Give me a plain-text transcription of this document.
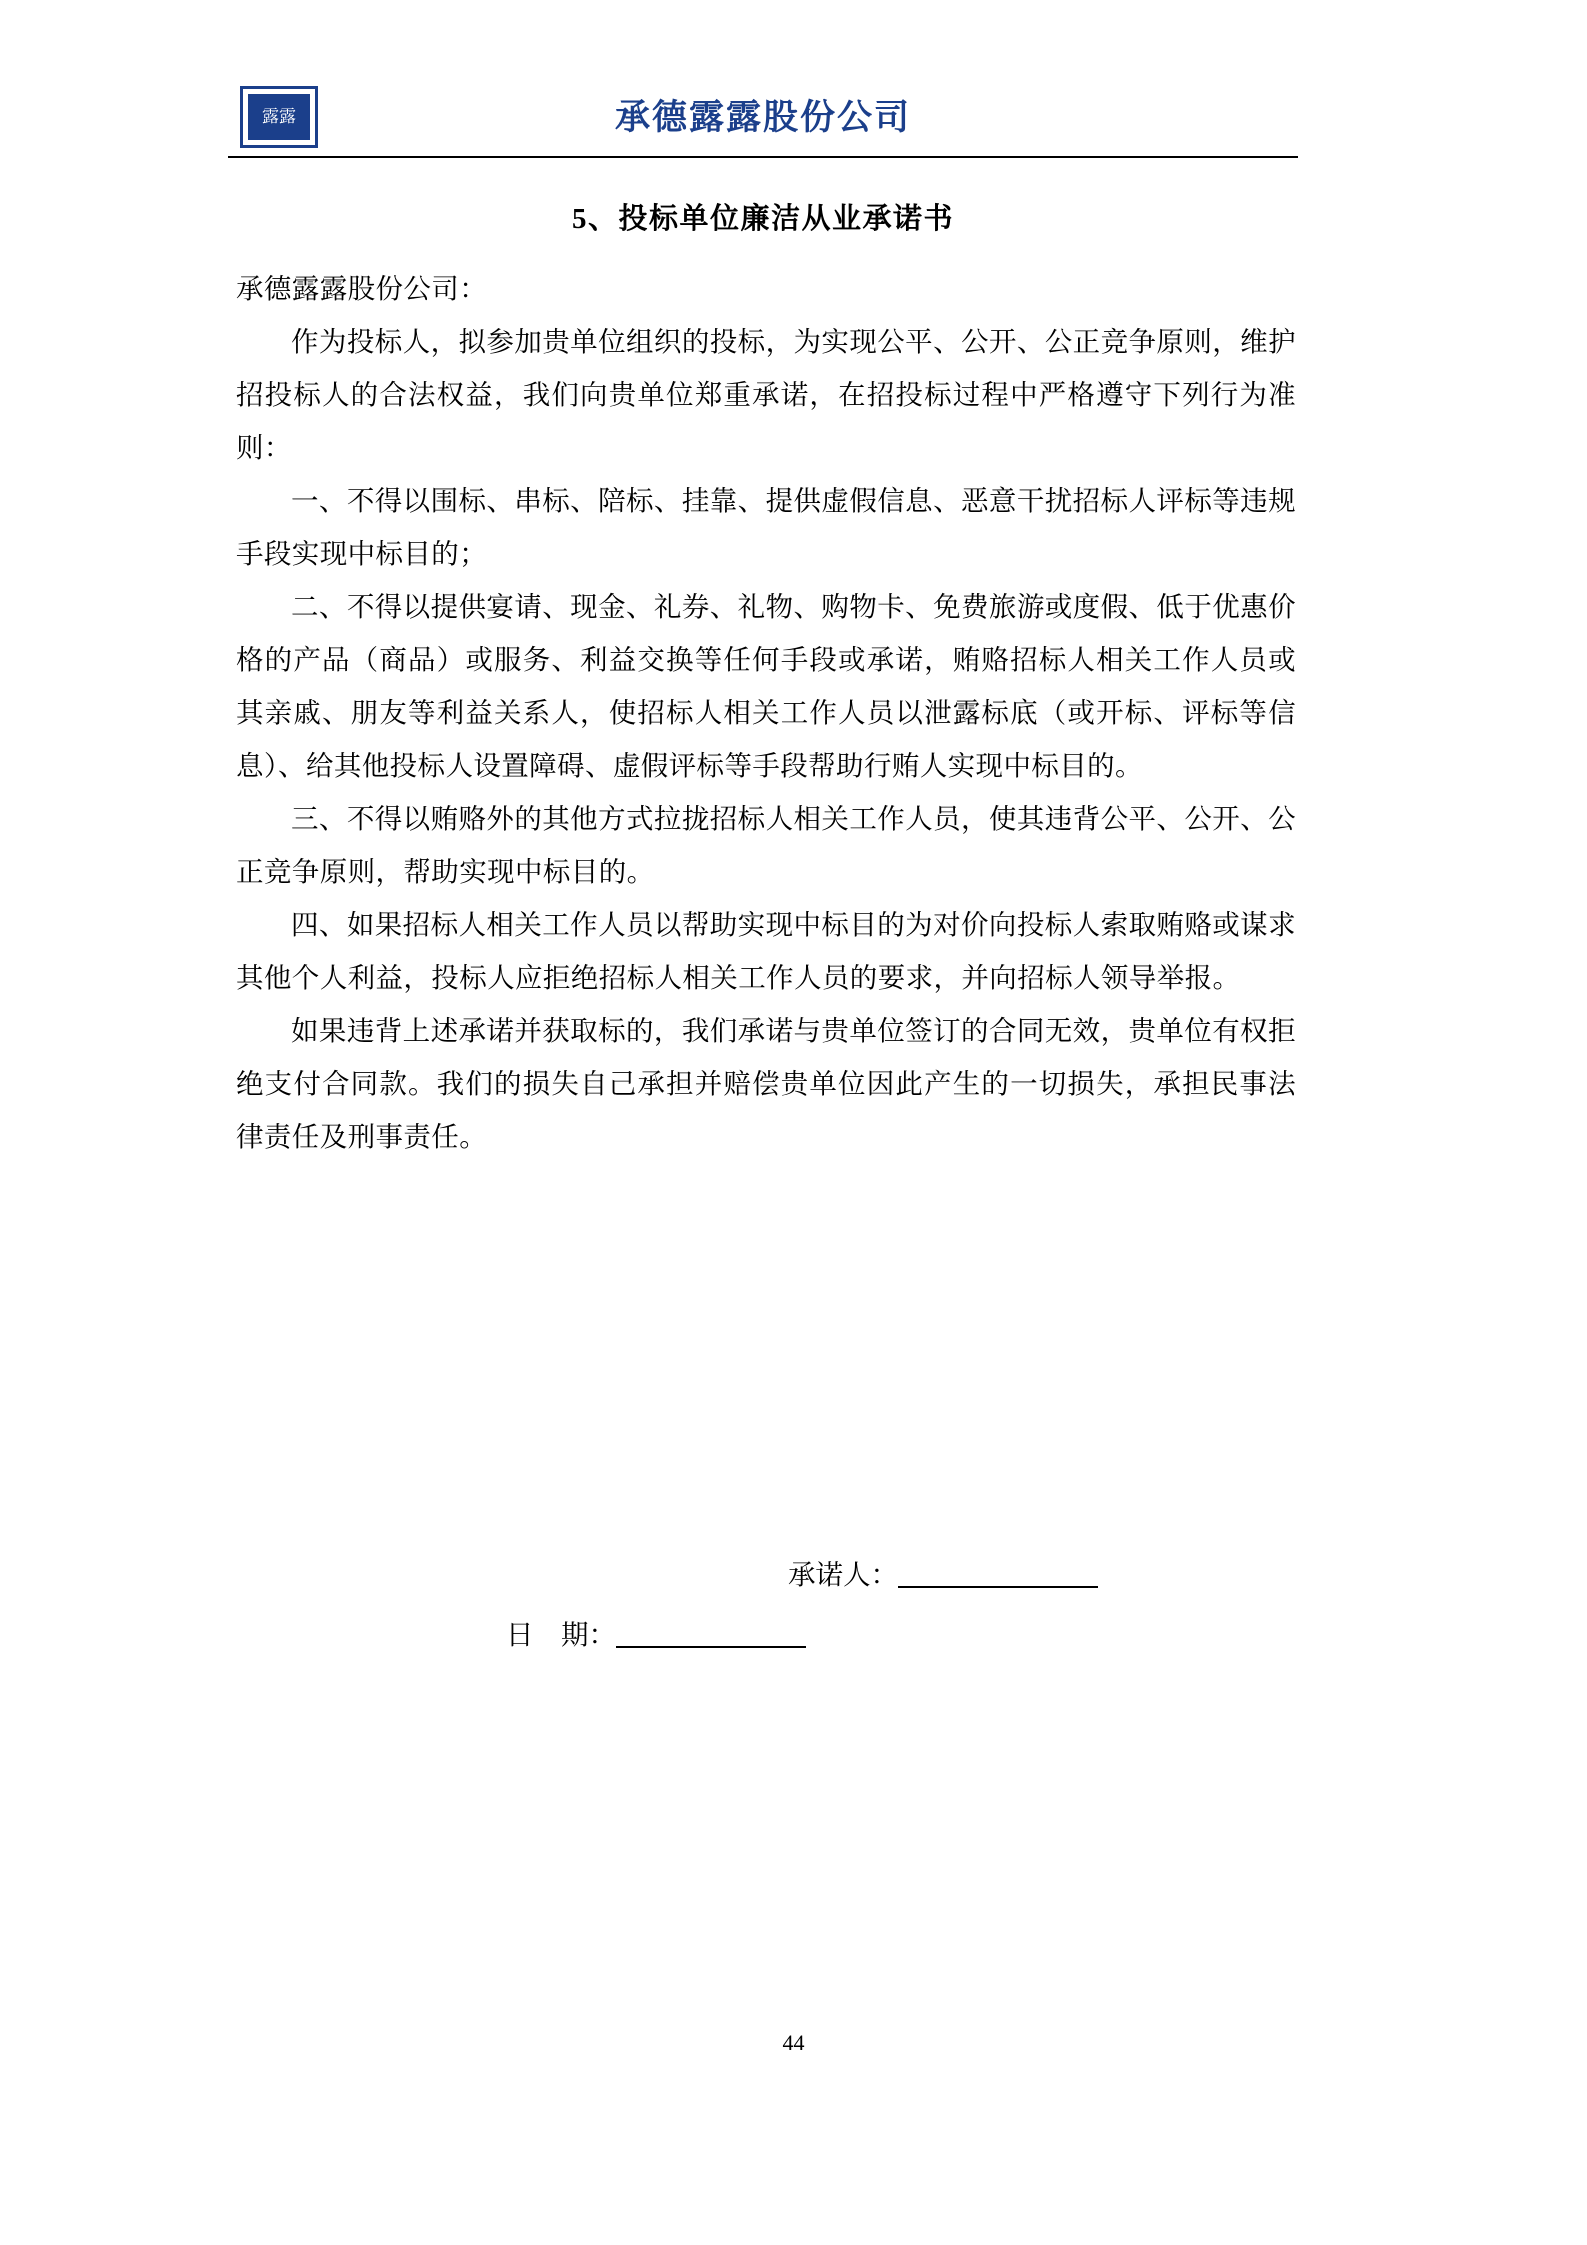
露露	承德露露股份公司
5、投标单位廉洁从业承诺书

承德露露股份公司：

作为投标人，拟参加贵单位组织的投标，为实现公平、公开、公正竞争原则，维护招投标人的合法权益，我们向贵单位郑重承诺，在招投标过程中严格遵守下列行为准则：

一、不得以围标、串标、陪标、挂靠、提供虚假信息、恶意干扰招标人评标等违规手段实现中标目的；

二、不得以提供宴请、现金、礼券、礼物、购物卡、免费旅游或度假、低于优惠价格的产品（商品）或服务、利益交换等任何手段或承诺，贿赂招标人相关工作人员或其亲戚、朋友等利益关系人，使招标人相关工作人员以泄露标底（或开标、评标等信息）、给其他投标人设置障碍、虚假评标等手段帮助行贿人实现中标目的。

三、不得以贿赂外的其他方式拉拢招标人相关工作人员，使其违背公平、公开、公正竞争原则，帮助实现中标目的。

四、如果招标人相关工作人员以帮助实现中标目的为对价向投标人索取贿赂或谋求其他个人利益，投标人应拒绝招标人相关工作人员的要求，并向招标人领导举报。

如果违背上述承诺并获取标的，我们承诺与贵单位签订的合同无效，贵单位有权拒绝支付合同款。我们的损失自己承担并赔偿贵单位因此产生的一切损失，承担民事法律责任及刑事责任。

承诺人：
日　期：
44
